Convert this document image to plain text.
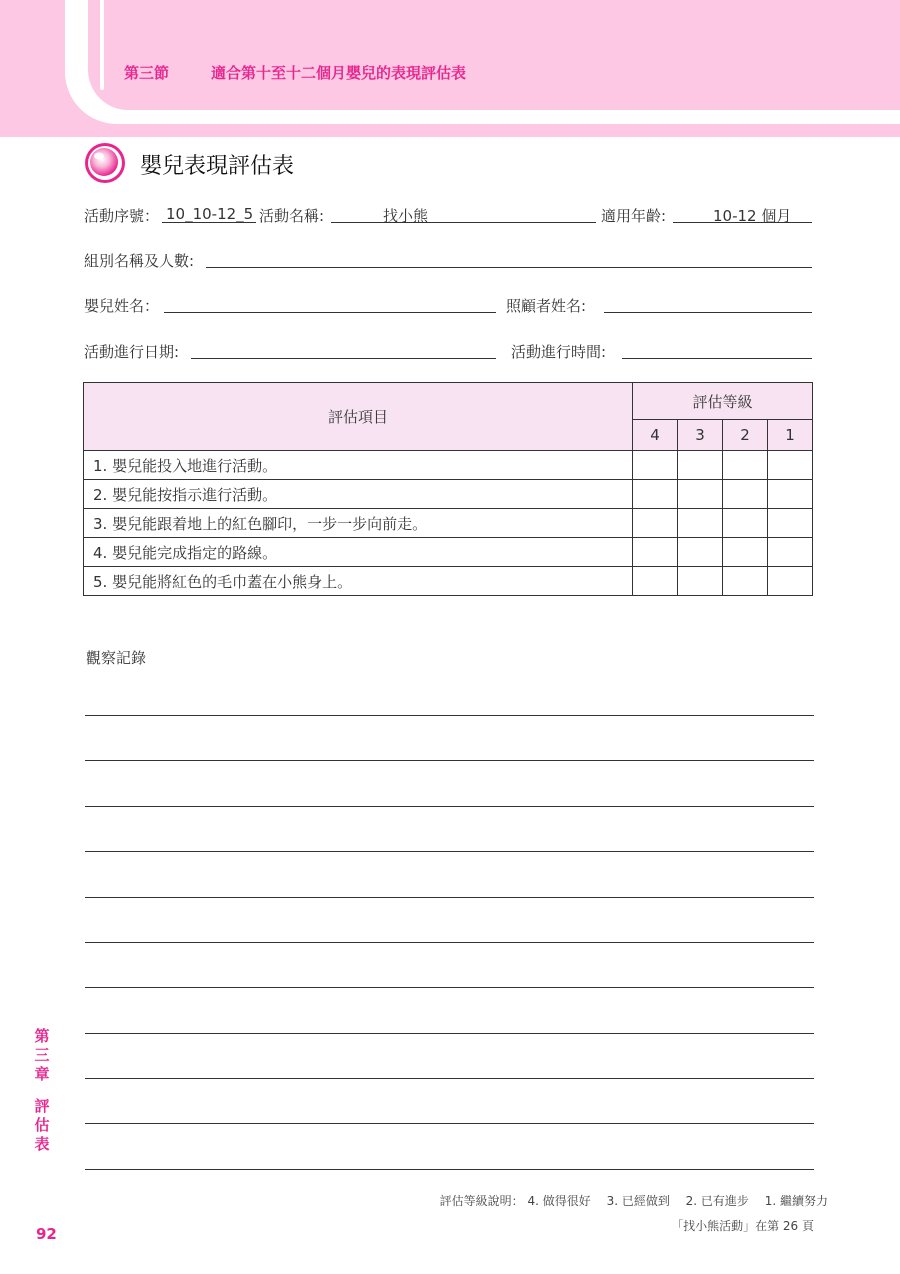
第三節	適合第十至十二個月嬰兒的表現評估表
嬰兒表現評估表
活動序號： 10_10-12_5 活動名稱:	找小熊	適用年齡:	10-12 個月
組別名稱及人數:
嬰兒姓名：	照顧者姓名:
活動進行日期:	活動進行時間:
評估項目	評估等級			
	4	3	2	1
1. 嬰兒能投入地進行活動。				
2. 嬰兒能按指示進行活動。				
3. 嬰兒能跟着地上的紅色腳印，一步一步向前走。				
4. 嬰兒能完成指定的路線。				
5. 嬰兒能將紅色的毛巾蓋在小熊身上。				
觀察記錄
第
三
章
評
估
表
評估等級說明： 4. 做得很好　 3. 已經做到　 2. 已有進步　 1. 繼續努力
「找小熊活動」在第 26 頁
92
